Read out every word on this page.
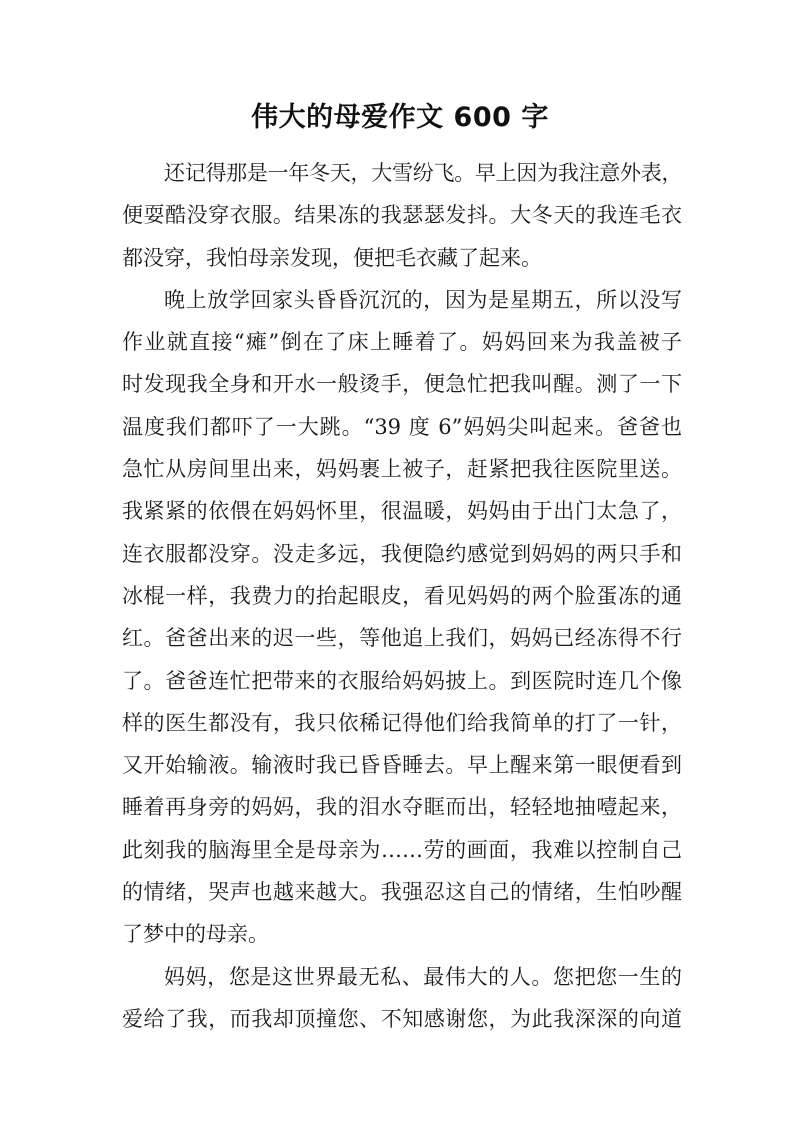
伟大的母爱作文 600 字
还记得那是一年冬天，大雪纷飞。早上因为我注意外表，
便耍酷没穿衣服。结果冻的我瑟瑟发抖。大冬天的我连毛衣
都没穿，我怕母亲发现，便把毛衣藏了起来。
晚上放学回家头昏昏沉沉的，因为是星期五，所以没写
作业就直接“瘫”倒在了床上睡着了。妈妈回来为我盖被子
时发现我全身和开水一般烫手，便急忙把我叫醒。测了一下
温度我们都吓了一大跳。“39 度 6”妈妈尖叫起来。爸爸也
急忙从房间里出来，妈妈裹上被子，赶紧把我往医院里送。
我紧紧的依偎在妈妈怀里，很温暖，妈妈由于出门太急了，
连衣服都没穿。没走多远，我便隐约感觉到妈妈的两只手和
冰棍一样，我费力的抬起眼皮，看见妈妈的两个脸蛋冻的通
红。爸爸出来的迟一些，等他追上我们，妈妈已经冻得不行
了。爸爸连忙把带来的衣服给妈妈披上。到医院时连几个像
样的医生都没有，我只依稀记得他们给我简单的打了一针，
又开始输液。输液时我已昏昏睡去。早上醒来第一眼便看到
睡着再身旁的妈妈，我的泪水夺眶而出，轻轻地抽噎起来，
此刻我的脑海里全是母亲为……劳的画面，我难以控制自己
的情绪，哭声也越来越大。我强忍这自己的情绪，生怕吵醒
了梦中的母亲。
妈妈，您是这世界最无私、最伟大的人。您把您一生的
爱给了我，而我却顶撞您、不知感谢您，为此我深深的向道
